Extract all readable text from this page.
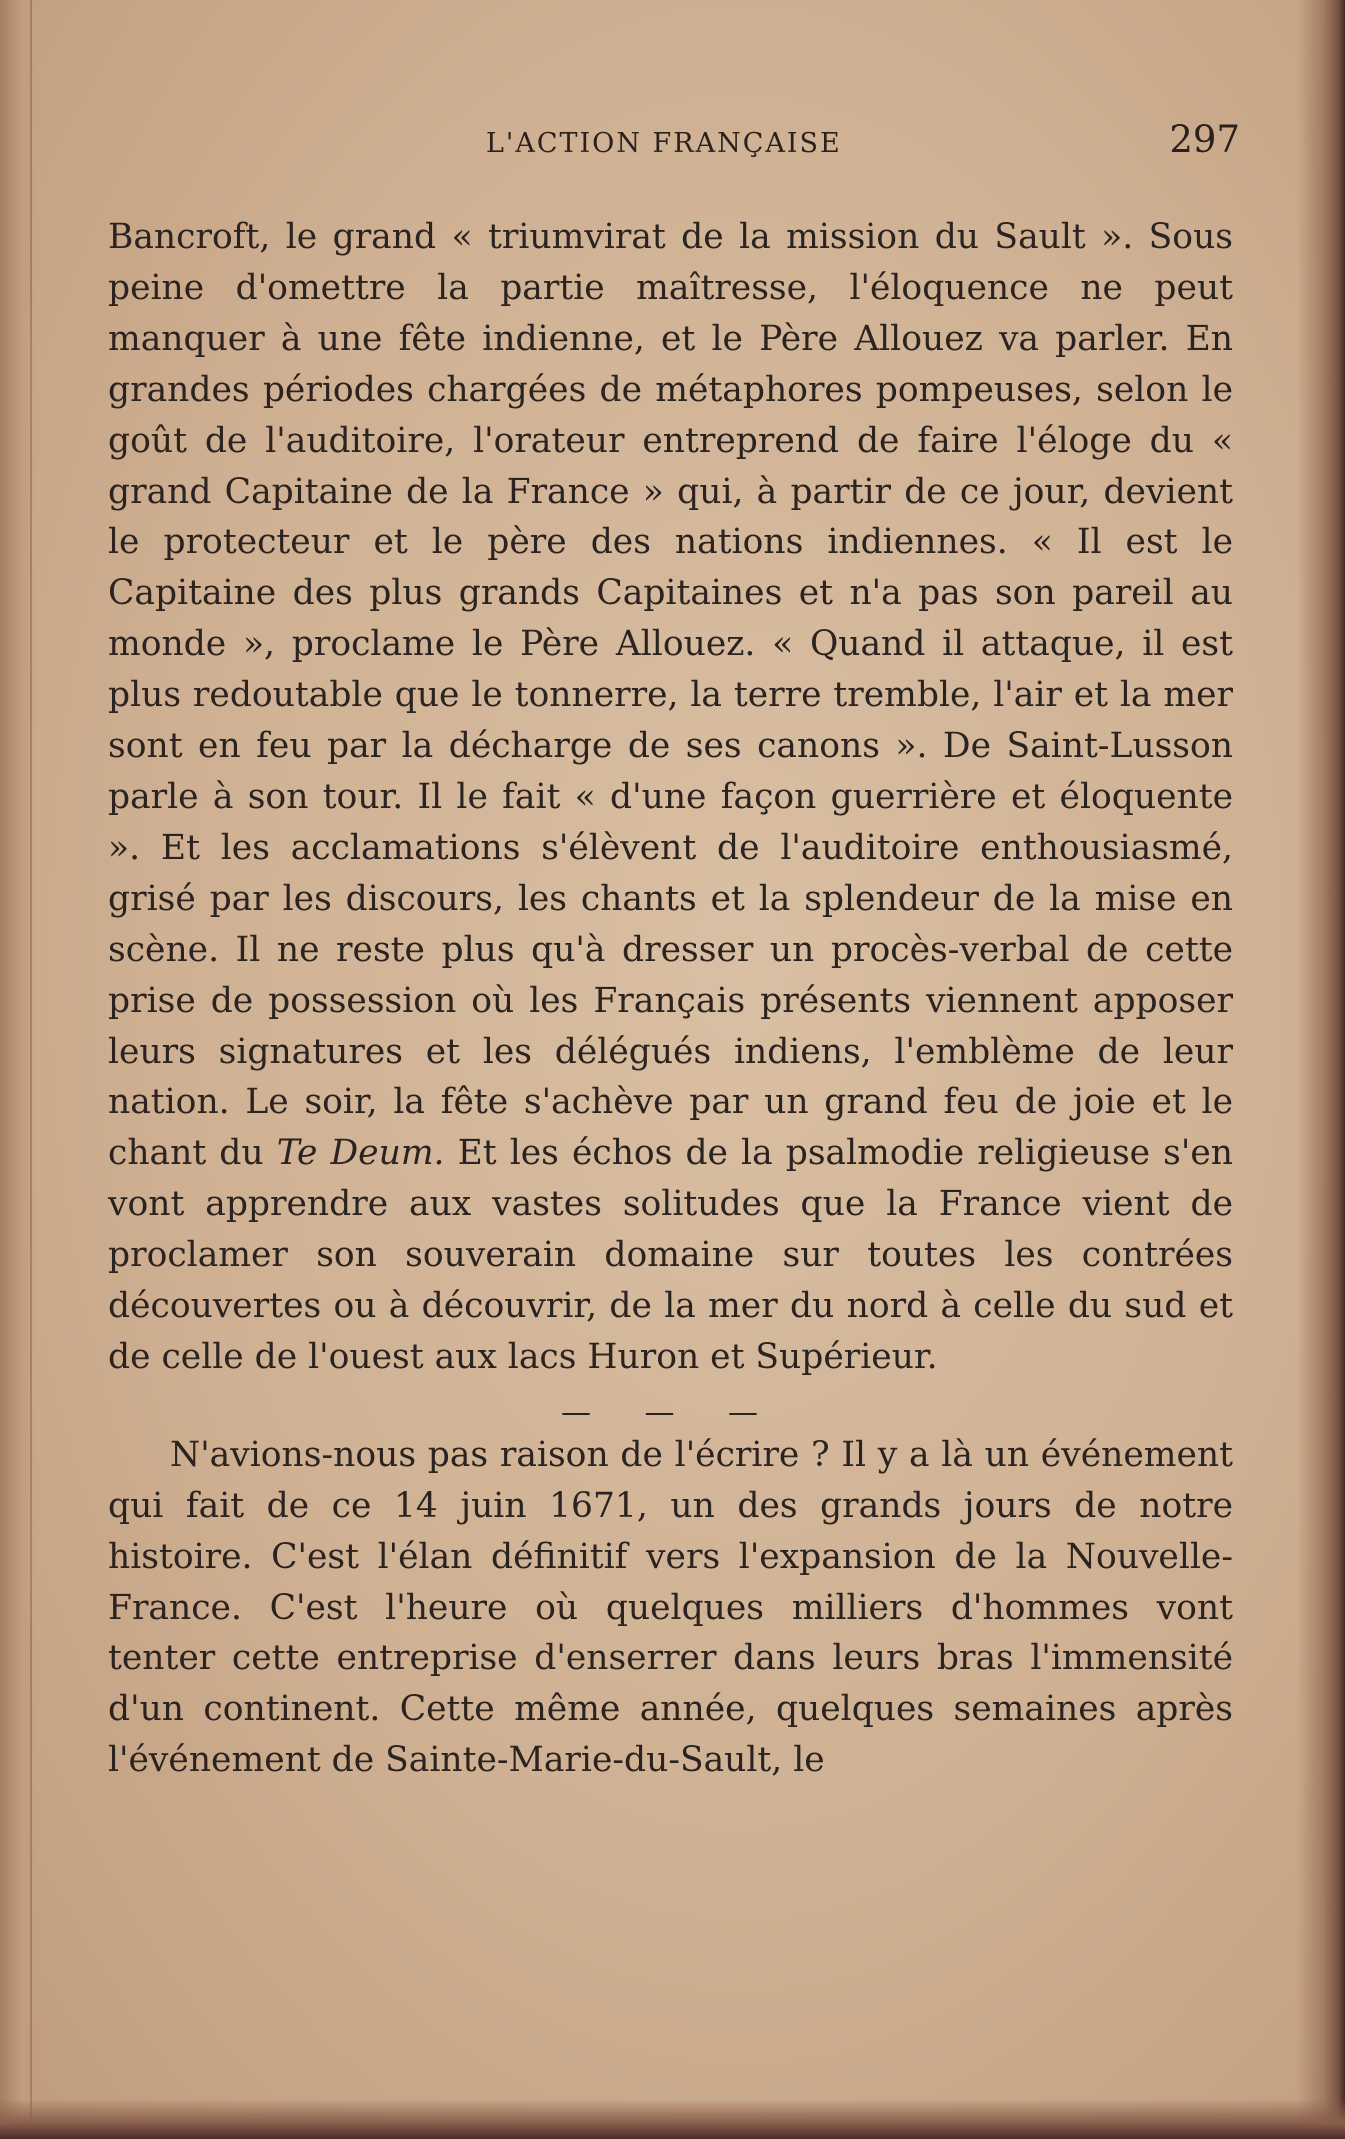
L'ACTION FRANÇAISE	297

Bancroft, le grand « triumvirat de la mission du Sault ». Sous peine d'omettre la partie maîtresse, l'éloquence ne peut manquer à une fête indienne, et le Père Allouez va parler. En grandes périodes chargées de métaphores pompeuses, selon le goût de l'auditoire, l'orateur entreprend de faire l'éloge du « grand Capitaine de la France » qui, à partir de ce jour, devient le protecteur et le père des nations indiennes. « Il est le Capitaine des plus grands Capitaines et n'a pas son pareil au monde », proclame le Père Allouez. « Quand il attaque, il est plus redoutable que le tonnerre, la terre tremble, l'air et la mer sont en feu par la décharge de ses canons ». De Saint-Lusson parle à son tour. Il le fait « d'une façon guerrière et éloquente ». Et les acclamations s'élèvent de l'auditoire enthousiasmé, grisé par les discours, les chants et la splendeur de la mise en scène. Il ne reste plus qu'à dresser un procès-verbal de cette prise de possession où les Français présents viennent apposer leurs signatures et les délégués indiens, l'emblème de leur nation. Le soir, la fête s'achève par un grand feu de joie et le chant du Te Deum. Et les échos de la psalmodie religieuse s'en vont apprendre aux vastes solitudes que la France vient de proclamer son souverain domaine sur toutes les contrées découvertes ou à découvrir, de la mer du nord à celle du sud et de celle de l'ouest aux lacs Huron et Supérieur.

— — —

N'avions-nous pas raison de l'écrire ? Il y a là un événement qui fait de ce 14 juin 1671, un des grands jours de notre histoire. C'est l'élan définitif vers l'expansion de la Nouvelle-France. C'est l'heure où quelques milliers d'hommes vont tenter cette entreprise d'enserrer dans leurs bras l'immensité d'un continent. Cette même année, quelques semaines après l'événement de Sainte-Marie-du-Sault, le
